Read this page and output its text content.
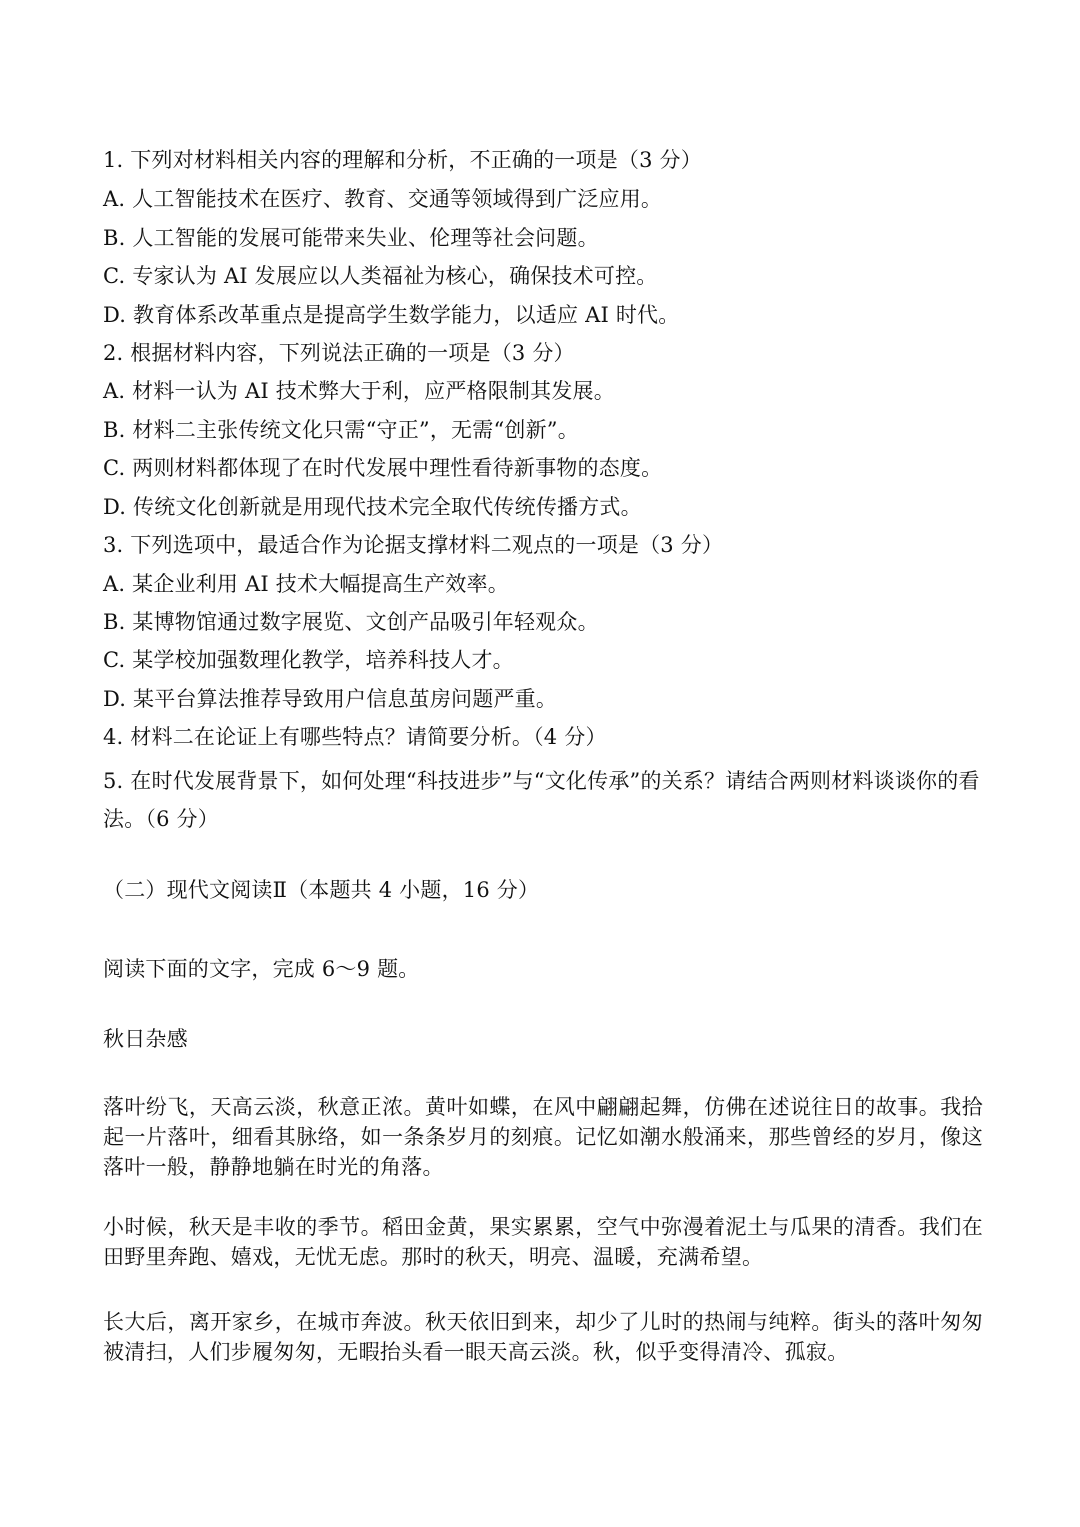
1. 下列对材料相关内容的理解和分析，不正确的一项是（3 分）
A. 人工智能技术在医疗、教育、交通等领域得到广泛应用。
B. 人工智能的发展可能带来失业、伦理等社会问题。
C. 专家认为 AI 发展应以人类福祉为核心，确保技术可控。
D. 教育体系改革重点是提高学生数学能力，以适应 AI 时代。
2. 根据材料内容，下列说法正确的一项是（3 分）
A. 材料一认为 AI 技术弊大于利，应严格限制其发展。
B. 材料二主张传统文化只需“守正”，无需“创新”。
C. 两则材料都体现了在时代发展中理性看待新事物的态度。
D. 传统文化创新就是用现代技术完全取代传统传播方式。
3. 下列选项中，最适合作为论据支撑材料二观点的一项是（3 分）
A. 某企业利用 AI 技术大幅提高生产效率。
B. 某博物馆通过数字展览、文创产品吸引年轻观众。
C. 某学校加强数理化教学，培养科技人才。
D. 某平台算法推荐导致用户信息茧房问题严重。
4. 材料二在论证上有哪些特点？请简要分析。（4 分）
5. 在时代发展背景下，如何处理“科技进步”与“文化传承”的关系？请结合两则材料谈谈你的看法。（6 分）
（二）现代文阅读Ⅱ（本题共 4 小题，16 分）
阅读下面的文字，完成 6～9 题。
秋日杂感
落叶纷飞，天高云淡，秋意正浓。黄叶如蝶，在风中翩翩起舞，仿佛在述说往日的故事。我拾起一片落叶，细看其脉络，如一条条岁月的刻痕。记忆如潮水般涌来，那些曾经的岁月，像这落叶一般，静静地躺在时光的角落。
小时候，秋天是丰收的季节。稻田金黄，果实累累，空气中弥漫着泥土与瓜果的清香。我们在田野里奔跑、嬉戏，无忧无虑。那时的秋天，明亮、温暖，充满希望。
长大后，离开家乡，在城市奔波。秋天依旧到来，却少了儿时的热闹与纯粹。街头的落叶匆匆被清扫，人们步履匆匆，无暇抬头看一眼天高云淡。秋，似乎变得清冷、孤寂。
